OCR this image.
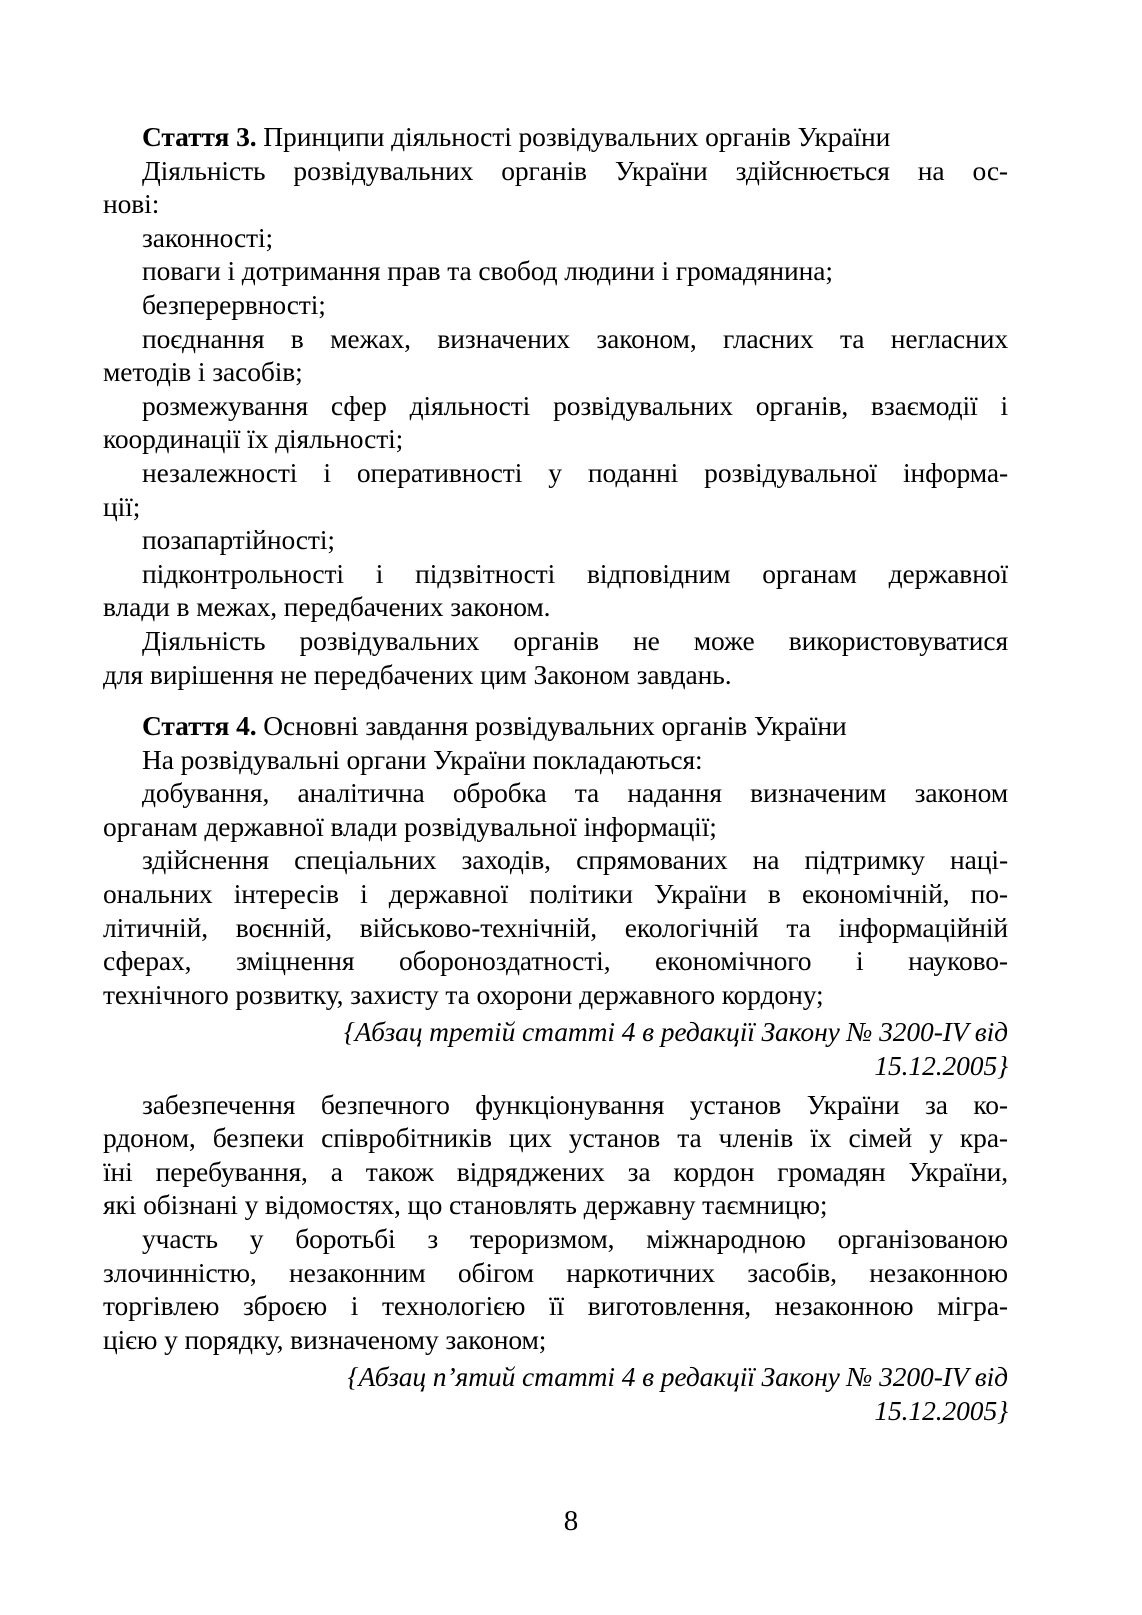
Стаття 3. Принципи діяльності розвідувальних органів України
Діяльність розвідувальних органів України здійснюється на ос-
нові:
законності;
поваги і дотримання прав та свобод людини і громадянина;
безперервності;
поєднання в межах, визначених законом, гласних та негласних
методів і засобів;
розмежування сфер діяльності розвідувальних органів, взаємодії і
координації їх діяльності;
незалежності і оперативності у поданні розвідувальної інформа-
ції;
позапартійності;
підконтрольності і підзвітності відповідним органам державної
влади в межах, передбачених законом.
Діяльність розвідувальних органів не може використовуватися
для вирішення не передбачених цим Законом завдань.
Стаття 4. Основні завдання розвідувальних органів України
На розвідувальні органи України покладаються:
добування, аналітична обробка та надання визначеним законом
органам державної влади розвідувальної інформації;
здійснення спеціальних заходів, спрямованих на підтримку наці-
ональних інтересів і державної політики України в економічній, по-
літичній, воєнній, військово-технічній, екологічній та інформаційній
сферах, зміцнення обороноздатності, економічного і науково-
технічного розвитку, захисту та охорони державного кордону;
{Абзац третій статті 4 в редакції Закону № 3200-IV від
15.12.2005}
забезпечення безпечного функціонування установ України за ко-
рдоном, безпеки співробітників цих установ та членів їх сімей у кра-
їні перебування, а також відряджених за кордон громадян України,
які обізнані у відомостях, що становлять державну таємницю;
участь у боротьбі з тероризмом, міжнародною організованою
злочинністю, незаконним обігом наркотичних засобів, незаконною
торгівлею зброєю і технологією її виготовлення, незаконною мігра-
цією у порядку, визначеному законом;
{Абзац п’ятий статті 4 в редакції Закону № 3200-IV від
15.12.2005}
8
